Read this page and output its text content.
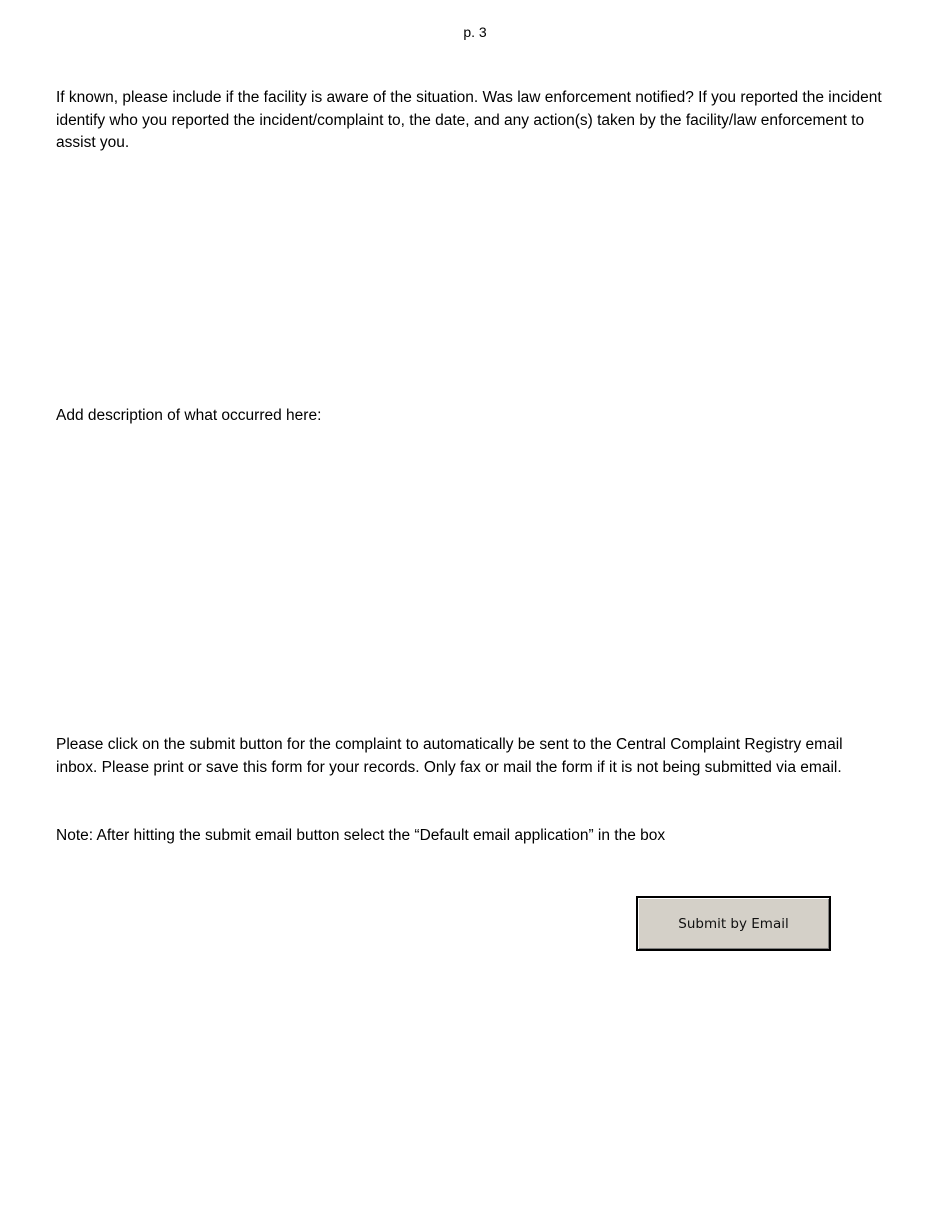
p. 3

If known, please include if the facility is aware of the situation. Was law enforcement notified? If you reported the incident identify who you reported the incident/complaint to, the date, and any action(s) taken by the facility/law enforcement to assist you.

Add description of what occurred here:

Please click on the submit button for the complaint to automatically be sent to the Central Complaint Registry email inbox. Please print or save this form for your records. Only fax or mail the form if it is not being submitted via email.

Note: After hitting the submit email button select the “Default email application” in the box

Submit by Email
